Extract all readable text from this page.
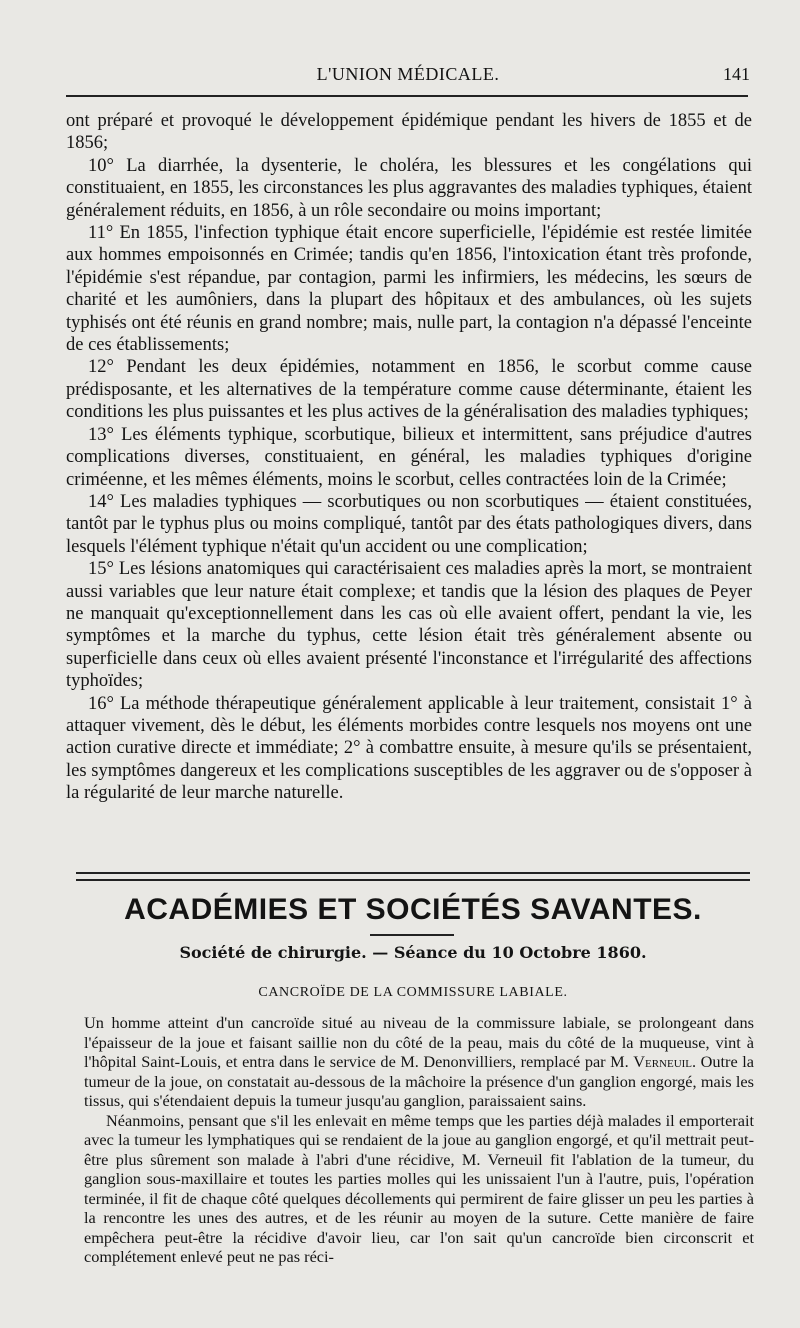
L'UNION MÉDICALE.	141

ont préparé et provoqué le développement épidémique pendant les hivers de 1855 et de 1856;

10° La diarrhée, la dysenterie, le choléra, les blessures et les congélations qui constituaient, en 1855, les circonstances les plus aggravantes des maladies typhiques, étaient généralement réduits, en 1856, à un rôle secondaire ou moins important;

11° En 1855, l'infection typhique était encore superficielle, l'épidémie est restée limitée aux hommes empoisonnés en Crimée; tandis qu'en 1856, l'intoxication étant très profonde, l'épidémie s'est répandue, par contagion, parmi les infirmiers, les médecins, les sœurs de charité et les aumôniers, dans la plupart des hôpitaux et des ambulances, où les sujets typhisés ont été réunis en grand nombre; mais, nulle part, la contagion n'a dépassé l'enceinte de ces établissements;

12° Pendant les deux épidémies, notamment en 1856, le scorbut comme cause prédisposante, et les alternatives de la température comme cause déterminante, étaient les conditions les plus puissantes et les plus actives de la généralisation des maladies typhiques;

13° Les éléments typhique, scorbutique, bilieux et intermittent, sans préjudice d'autres complications diverses, constituaient, en général, les maladies typhiques d'origine criméenne, et les mêmes éléments, moins le scorbut, celles contractées loin de la Crimée;

14° Les maladies typhiques — scorbutiques ou non scorbutiques — étaient constituées, tantôt par le typhus plus ou moins compliqué, tantôt par des états pathologiques divers, dans lesquels l'élément typhique n'était qu'un accident ou une complication;

15° Les lésions anatomiques qui caractérisaient ces maladies après la mort, se montraient aussi variables que leur nature était complexe; et tandis que la lésion des plaques de Peyer ne manquait qu'exceptionnellement dans les cas où elle avaient offert, pendant la vie, les symptômes et la marche du typhus, cette lésion était très généralement absente ou superficielle dans ceux où elles avaient présenté l'inconstance et l'irrégularité des affections typhoïdes;

16° La méthode thérapeutique généralement applicable à leur traitement, consistait 1° à attaquer vivement, dès le début, les éléments morbides contre lesquels nos moyens ont une action curative directe et immédiate; 2° à combattre ensuite, à mesure qu'ils se présentaient, les symptômes dangereux et les complications susceptibles de les aggraver ou de s'opposer à la régularité de leur marche naturelle.

ACADÉMIES ET SOCIÉTÉS SAVANTES.
Société de chirurgie. — Séance du 10 Octobre 1860.
CANCROÏDE DE LA COMMISSURE LABIALE.

Un homme atteint d'un cancroïde situé au niveau de la commissure labiale, se prolongeant dans l'épaisseur de la joue et faisant saillie non du côté de la peau, mais du côté de la muqueuse, vint à l'hôpital Saint-Louis, et entra dans le service de M. Denonvilliers, remplacé par M. Verneuil. Outre la tumeur de la joue, on constatait au-dessous de la mâchoire la présence d'un ganglion engorgé, mais les tissus, qui s'étendaient depuis la tumeur jusqu'au ganglion, paraissaient sains.

Néanmoins, pensant que s'il les enlevait en même temps que les parties déjà malades il emporterait avec la tumeur les lymphatiques qui se rendaient de la joue au ganglion engorgé, et qu'il mettrait peut-être plus sûrement son malade à l'abri d'une récidive, M. Verneuil fit l'ablation de la tumeur, du ganglion sous-maxillaire et toutes les parties molles qui les unissaient l'un à l'autre, puis, l'opération terminée, il fit de chaque côté quelques décollements qui permirent de faire glisser un peu les parties à la rencontre les unes des autres, et de les réunir au moyen de la suture. Cette manière de faire empêchera peut-être la récidive d'avoir lieu, car l'on sait qu'un cancroïde bien circonscrit et complétement enlevé peut ne pas réci-
